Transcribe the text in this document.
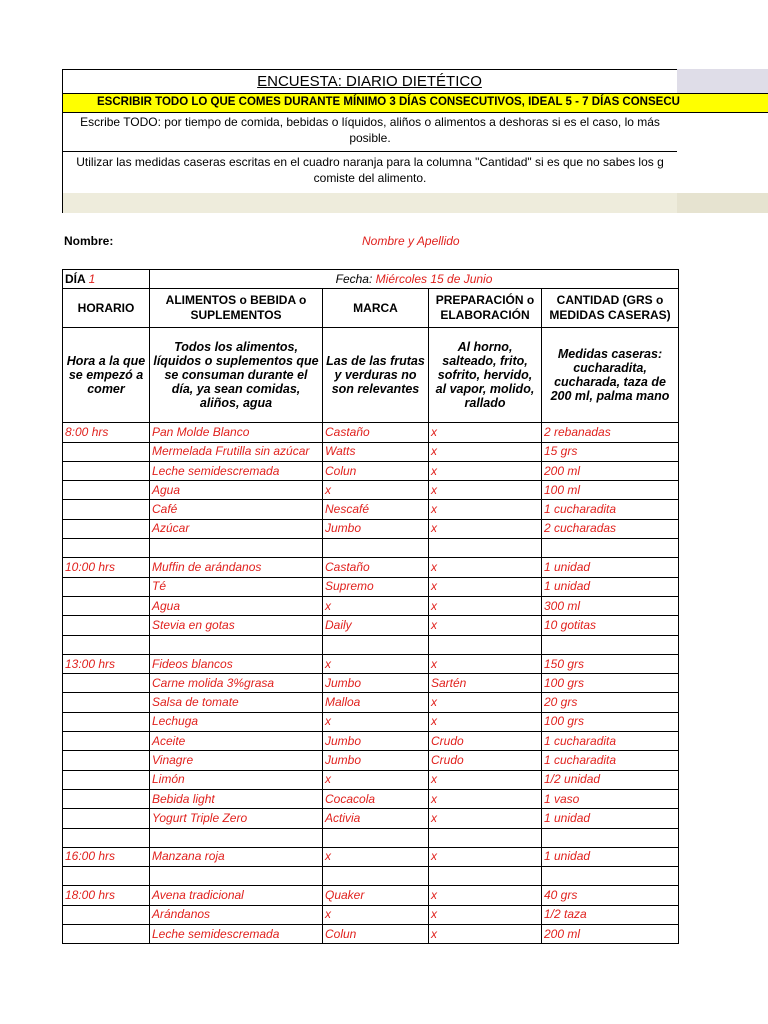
ENCUESTA: DIARIO DIETÉTICO
ESCRIBIR TODO LO QUE COMES DURANTE MÍNIMO 3 DÍAS CONSECUTIVOS, IDEAL 5 - 7 DÍAS CONSECU
Escribe TODO: por tiempo de comida, bebidas o líquidos, aliños o alimentos a deshoras si es el caso, lo más posible.
Utilizar las medidas caseras escritas en el cuadro naranja para la columna "Cantidad" si es que no sabes los g comiste del alimento.
Nombre:	Nombre y Apellido
DÍA 1	Fecha: Miércoles 15 de Junio			
HORARIO	ALIMENTOS o BEBIDA o SUPLEMENTOS	MARCA	PREPARACIÓN o ELABORACIÓN	CANTIDAD (GRS o MEDIDAS CASERAS)
Hora a la que se empezó a comer	Todos los alimentos, líquidos o suplementos que se consuman durante el día, ya sean comidas, aliños, agua	Las de las frutas y verduras no son relevantes	Al horno, salteado, frito, sofrito, hervido, al vapor, molido, rallado	Medidas caseras: cucharadita, cucharada, taza de 200 ml, palma mano
8:00 hrs	Pan Molde Blanco	Castaño	x	2 rebanadas
	Mermelada Frutilla sin azúcar	Watts	x	15 grs
	Leche semidescremada	Colun	x	200 ml
	Agua	x	x	100 ml
	Café	Nescafé	x	1 cucharadita
	Azúcar	Jumbo	x	2 cucharadas

10:00 hrs	Muffin de arándanos	Castaño	x	1 unidad
	Té	Supremo	x	1 unidad
	Agua	x	x	300 ml
	Stevia en gotas	Daily	x	10 gotitas

13:00 hrs	Fideos blancos	x	x	150 grs
	Carne molida 3%grasa	Jumbo	Sartén	100 grs
	Salsa de tomate	Malloa	x	20 grs
	Lechuga	x	x	100 grs
	Aceite	Jumbo	Crudo	1 cucharadita
	Vinagre	Jumbo	Crudo	1 cucharadita
	Limón	x	x	1/2 unidad
	Bebida light	Cocacola	x	1 vaso
	Yogurt Triple Zero	Activia	x	1 unidad

16:00 hrs	Manzana roja	x	x	1 unidad

18:00 hrs	Avena tradicional	Quaker	x	40 grs
	Arándanos	x	x	1/2 taza
	Leche semidescremada	Colun	x	200 ml
